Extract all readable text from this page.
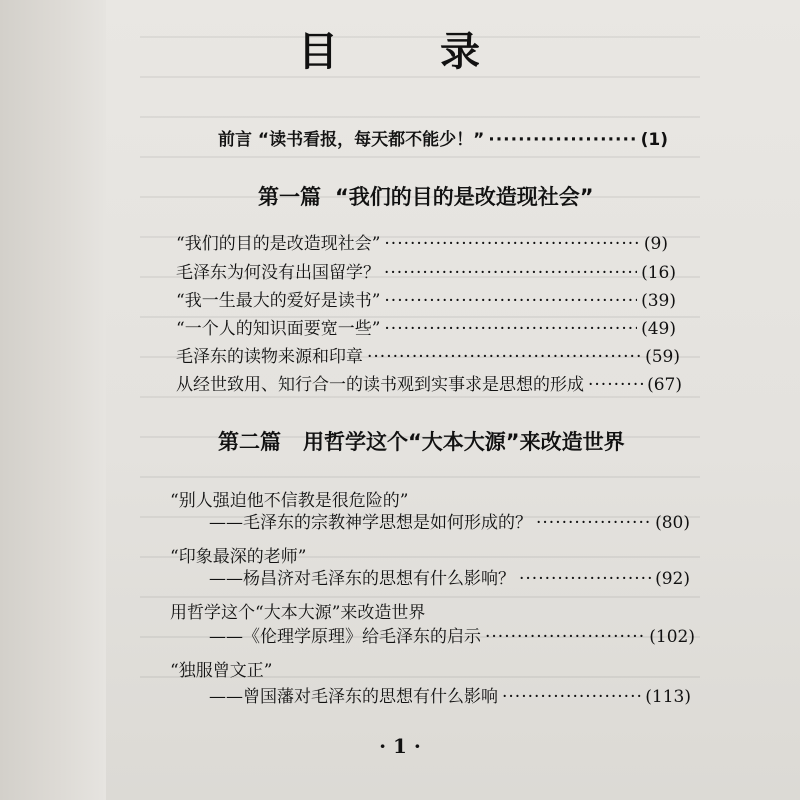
目 录
前言 “读书看报，每天都不能少！” ·····	(1)
第一篇 “我们的目的是改造现社会”
“我们的目的是改造现社会” ·····	(9)
毛泽东为何没有出国留学？ ·····	(16)
“我一生最大的爱好是读书” ·····	(39)
“一个人的知识面要宽一些” ·····	(49)
毛泽东的读物来源和印章 ·····	(59)
从经世致用、知行合一的读书观到实事求是思想的形成 ·····	(67)
第二篇 用哲学这个“大本大源”来改造世界
“别人强迫他不信教是很危险的”
——毛泽东的宗教神学思想是如何形成的？ ·····	(80)
“印象最深的老师”
——杨昌济对毛泽东的思想有什么影响？ ·····	(92)
用哲学这个“大本大源”来改造世界
——《伦理学原理》给毛泽东的启示 ·····	(102)
“独服曾文正”
——曾国藩对毛泽东的思想有什么影响 ·····	(113)
· 1 ·
